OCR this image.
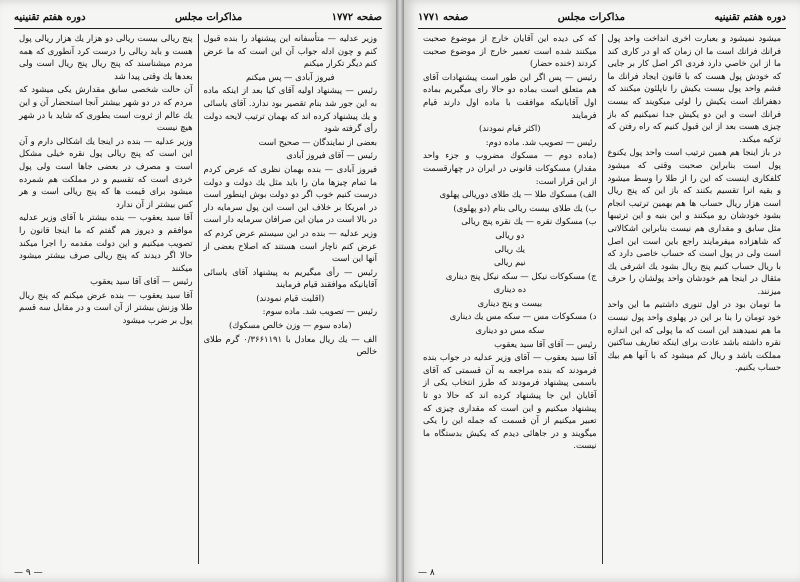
صفحه ۱۷۷۲
مذاكرات مجلس
دوره هفتم تقنینیه

وزير عدليه — متأسفانه اين پيشنهاد را بنده قبول كنم و چون ادله جواب آن اين است كه ما عرض كنم ديگر تكرار ميكنم

فيروز آبادى — پس ميكنم

رئيس — پيشنهاد اوليه آقاى كيا بعد از اينكه ماده به اين جور شد بنام تقصير بود ندارد. آقاى ياسائى و يك پيشنهاد كرده اند كه بهمان ترتيب لايحه دولت رأى گرفته شود

بعضى از نمايندگان — صحيح است

رئيس — آقاى فيروز آبادى

فيروز آبادى — بنده بهمان نظرى كه عرض كردم ما تمام چيزها مان را بايد مثل يك دولت و دولت درست كنيم خوب اگر دو دولت بوش اينطور است در امريكا بر خلاف اين است اين پول سرمايه دار در بالا است در ميان اين صرافان سرمايه دار است

وزير عدليه — بنده در اين سيستم عرض كردم كه عرض كنم ناچار است هستند كه اصلاح بعضى از آنها اين است

رئيس — رأى ميگيريم به پيشنهاد آقاى ياسائى آقايانيكه موافقند قيام فرمايند

(اقليت قيام نمودند)

رئيس — تصويب شد. ماده سوم:

(ماده سوم — وزن خالص مسكوك)

الف — يك ريال معادل با ۰/۳۶۶۱۱۹۱ گرم طلاى خالص

پنج ريالى بيست ريالى دو هزار يك هزار ريالى پول هست و بايد ريالى را درست كرد آنطورى كه همه مردم ميشناسند كه پنج ريال پنج ريال است ولى بعدها يك وقتى پيدا شد

آن حالت شخصى سابق مقدارش يكى ميشود كه مردم كه در دو شهر بيشتر آنجا استحضار آن و اين يك عالم از ثروت است بطوری كه شايد با در شهر هيچ نيست

وزير عدليه — بنده در اينجا يك اشكالى دارم و آن اين است كه پنج ريالى پول نقره خيلى مشكل است و مصرف در بعضى جاها است ولى پول خردى است كه تقسيم و در مملكت هم شمرده ميشود براى قيمت ها كه پنج ريالى است و هر كس بيشتر از آن ندارد

آقا سيد يعقوب — بنده بيشتر با آقاى وزير عدليه موافقم و ديروز هم گفتم كه ما اينجا قانون را تصويب ميكنيم و اين دولت مقدمه را اجرا ميكند حالا اگر ديدند كه پنج ريالى صرف بيشتر ميشود ميكنند

رئيس — آقاى آقا سيد يعقوب

آقا سيد يعقوب — بنده عرض ميكنم كه پنج ريال طلا وزنش بيشتر از آن است و در مقابل سه قسم پول بر ضرب ميشود

— ۹ —
دوره هفتم تقنینیه
مذاكرات مجلس
صفحه ۱۷۷۱

میشود نمیشود و بعبارت اخرى انداخت واحد پول فرانك فرانك است ما ان زمان كه او در كارى كند ما از ابن خاصي دارد فردى اكر اصل كار بر جايى كه خودش پول هست كه با قانون ايجاد فرانك ما فشم واحد پول بيست يكيش را ناپلئون میكنند كه دهفرانك است يكيش را لوئى میكويند كه بيست فرانك است و اين دو يكيش جدا نميكنيم كه باز چيزى هست بعد از اين قبول كنيم كه راه رفتن كه تزكيه ميكند.

در باز اينجا هم همين ترتيب است واحد پول يكنوع پول است بنابراين صحبت وقتى كه ميشود كلفكارى اينست كه اين را از طلا را وسط میشود و بقیه انرا تقسيم بكنند كه باز اين كه پنج ريال است هزار ريال حساب ها هم بهمين ترتيب انجام بشود خودشان رو ميكنند و اين بنيه و اين ترتيبها مثل سابق و مقدارى هم نيست بنابراين اشكالاتى كه شاهزاده ميفرمايند راجع باين است اين اصل است ولى در پول است كه حساب خاصى دارد كه با ريال حساب كنيم پنج ريال بشود يك اشرفى يك مثقال در اينجا هم خودشان واحد پولشان را حرف ميزنند.

ما تومان بود در اول تنورى داشتيم ما اين واحد خود تومان را بنا بر اين در پهلوى واحد پول نيست ما هم نميدهند اين است كه ما پولى كه اين اندازه نقره داشته باشد عادت براى اينكه تعاريف ساكنين مملكت باشد و ريال كم ميشود كه با آنها هم بيك حساب بكنيم.

كه كى ديده اين آقايان خارج از موضوع صحبت ميكنند شده است تعمير خارج از موضوع صحبت كردند (خنده حضار)

رئيس — پس اگر اين طور است پيشنهادات آقاى هم متعلق است بماده دو حالا راى ميگيريم بماده اول آقايانيكه موافقت با ماده اول دارند قيام فرمايند

(اكثر قيام نمودند)

رئيس — تصويب شد. ماده دوم:

(ماده دوم — مسكوك مضروب و جزء واحد مقدار) مسكوكات قانونى در ايران در چهارقسمت از اين قرار است:

الف) مسكوك طلا — يك طلاى دوريالى پهلوى

ب) يك طلاى بيست ريالى بنام (دو پهلوى)

ب) مسكوك نقره — يك نقره پنج ريالى

دو ريالى

يك ريالى

نيم ريالى

ج) مسكوكات نيكل — سكه نيكل پنج دينارى

ده دينارى

بيست و پنج دينارى

د) مسكوكات مس — سكه مس يك دينارى

سكه مس دو دينارى

رئيس — آقاى آقا سيد يعقوب

آقا سيد يعقوب — آقاى وزير عدليه در جواب بنده فرمودند كه بنده مراجعه به آن قسمتى كه آقاى باسمى پيشنهاد فرمودند كه طرز انتخاب يكى از آقايان اين جا پيشنهاد كرده اند كه حالا دو تا پيشنهاد ميكنيم و اين است كه مقدارى چيزى كه تعبير ميكنيم از آن قسمت كه جمله اين را يكى ميگويند و در جاهائى ديدم كه يكيش بدستگاه ما نيست.

۸ —
